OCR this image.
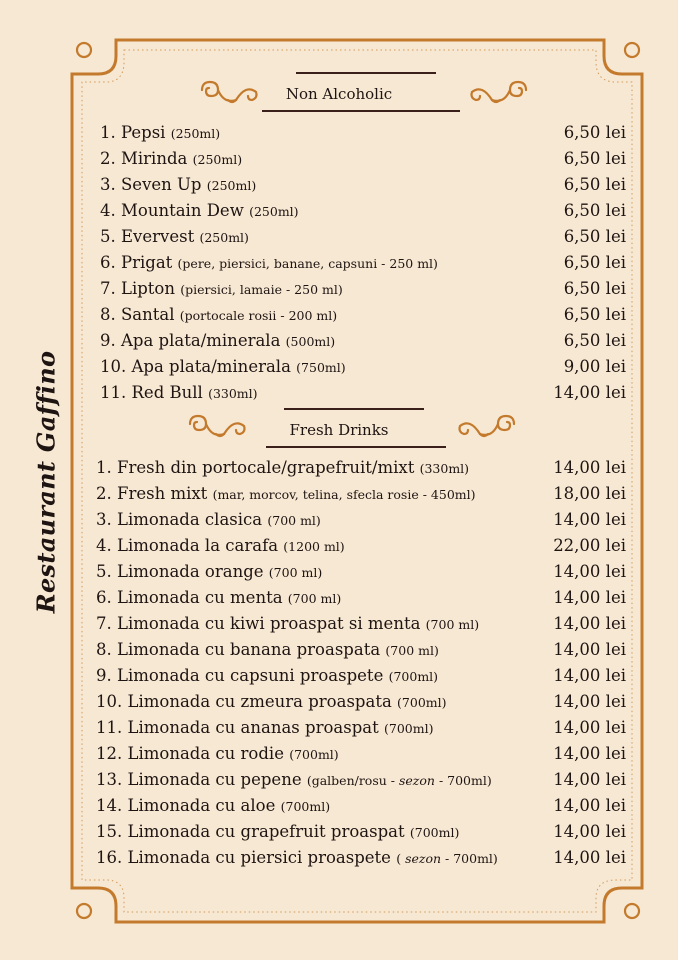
Restaurant Gaffino
Non Alcoholic
1. Pepsi (250ml)	6,50 lei
2. Mirinda (250ml)	6,50 lei
3. Seven Up (250ml)	6,50 lei
4. Mountain Dew (250ml)	6,50 lei
5. Evervest (250ml)	6,50 lei
6. Prigat (pere, piersici, banane, capsuni - 250 ml)	6,50 lei
7. Lipton (piersici, lamaie - 250 ml)	6,50 lei
8. Santal (portocale rosii - 200 ml)	6,50 lei
9. Apa plata/minerala (500ml)	6,50 lei
10. Apa plata/minerala (750ml)	9,00 lei
11. Red Bull (330ml)	14,00 lei
Fresh Drinks
1. Fresh din portocale/grapefruit/mixt (330ml)	14,00 lei
2. Fresh mixt (mar, morcov, telina, sfecla rosie - 450ml)	18,00 lei
3. Limonada clasica (700 ml)	14,00 lei
4. Limonada la carafa (1200 ml)	22,00 lei
5. Limonada orange (700 ml)	14,00 lei
6. Limonada cu menta (700 ml)	14,00 lei
7. Limonada cu kiwi proaspat si menta (700 ml)	14,00 lei
8. Limonada cu banana proaspata (700 ml)	14,00 lei
9. Limonada cu capsuni proaspete (700ml)	14,00 lei
10. Limonada cu zmeura proaspata (700ml)	14,00 lei
11. Limonada cu ananas proaspat (700ml)	14,00 lei
12. Limonada cu rodie (700ml)	14,00 lei
13. Limonada cu pepene (galben/rosu - sezon - 700ml)	14,00 lei
14. Limonada cu aloe (700ml)	14,00 lei
15. Limonada cu grapefruit proaspat (700ml)	14,00 lei
16. Limonada cu piersici proaspete ( sezon - 700ml)	14,00 lei
